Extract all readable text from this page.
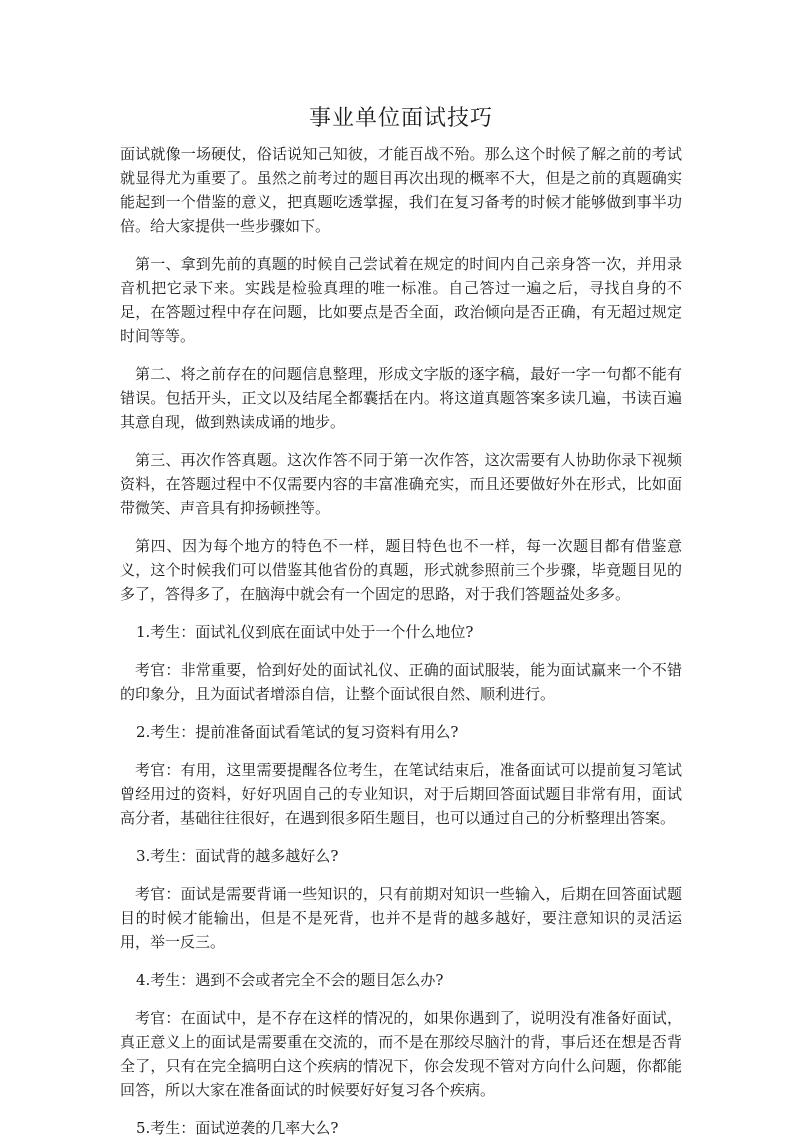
事业单位面试技巧

面试就像一场硬仗，俗话说知己知彼，才能百战不殆。那么这个时候了解之前的考试就显得尤为重要了。虽然之前考过的题目再次出现的概率不大，但是之前的真题确实能起到一个借鉴的意义，把真题吃透掌握，我们在复习备考的时候才能够做到事半功倍。给大家提供一些步骤如下。

第一、拿到先前的真题的时候自己尝试着在规定的时间内自己亲身答一次，并用录音机把它录下来。实践是检验真理的唯一标准。自己答过一遍之后，寻找自身的不足，在答题过程中存在问题，比如要点是否全面，政治倾向是否正确，有无超过规定时间等等。

第二、将之前存在的问题信息整理，形成文字版的逐字稿，最好一字一句都不能有错误。包括开头，正文以及结尾全都囊括在内。将这道真题答案多读几遍，书读百遍其意自现，做到熟读成诵的地步。

第三、再次作答真题。这次作答不同于第一次作答，这次需要有人协助你录下视频资料，在答题过程中不仅需要内容的丰富准确充实，而且还要做好外在形式，比如面带微笑、声音具有抑扬顿挫等。

第四、因为每个地方的特色不一样，题目特色也不一样，每一次题目都有借鉴意义，这个时候我们可以借鉴其他省份的真题，形式就参照前三个步骤，毕竟题目见的多了，答得多了，在脑海中就会有一个固定的思路，对于我们答题益处多多。

1.考生：面试礼仪到底在面试中处于一个什么地位?

考官：非常重要，恰到好处的面试礼仪、正确的面试服装，能为面试赢来一个不错的印象分，且为面试者增添自信，让整个面试很自然、顺利进行。

2.考生：提前准备面试看笔试的复习资料有用么?

考官：有用，这里需要提醒各位考生，在笔试结束后，准备面试可以提前复习笔试曾经用过的资料，好好巩固自己的专业知识，对于后期回答面试题目非常有用，面试高分者，基础往往很好，在遇到很多陌生题目，也可以通过自己的分析整理出答案。

3.考生：面试背的越多越好么?

考官：面试是需要背诵一些知识的，只有前期对知识一些输入，后期在回答面试题目的时候才能输出，但是不是死背，也并不是背的越多越好，要注意知识的灵活运用，举一反三。

4.考生：遇到不会或者完全不会的题目怎么办?

考官：在面试中，是不存在这样的情况的，如果你遇到了，说明没有准备好面试，真正意义上的面试是需要重在交流的，而不是在那绞尽脑汁的背，事后还在想是否背全了，只有在完全搞明白这个疾病的情况下，你会发现不管对方向什么问题，你都能回答，所以大家在准备面试的时候要好好复习各个疾病。

5.考生：面试逆袭的几率大么?
